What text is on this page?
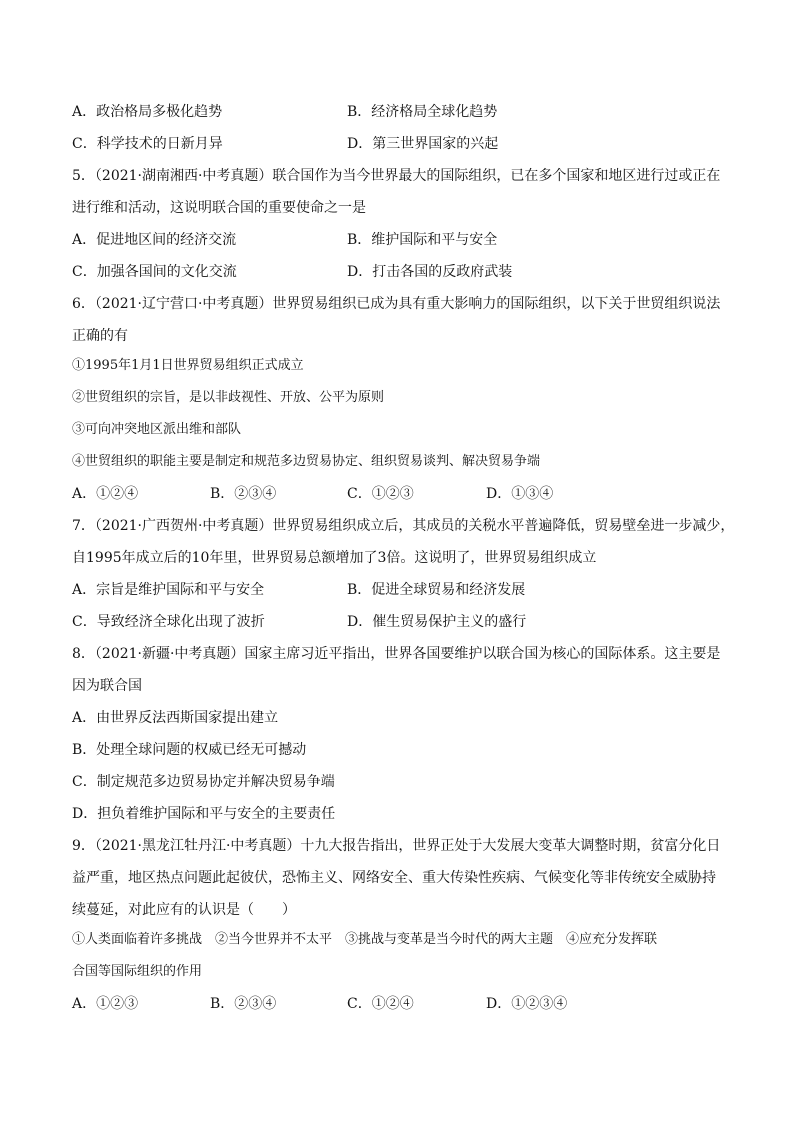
A．政治格局多极化趋势	B．经济格局全球化趋势
C．科学技术的日新月异	D．第三世界国家的兴起
5．（2021·湖南湘西·中考真题）联合国作为当今世界最大的国际组织，已在多个国家和地区进行过或正在
进行维和活动，这说明联合国的重要使命之一是
A．促进地区间的经济交流	B．维护国际和平与安全
C．加强各国间的文化交流	D．打击各国的反政府武装
6．（2021·辽宁营口·中考真题）世界贸易组织已成为具有重大影响力的国际组织，以下关于世贸组织说法
正确的有
①1995年1月1日世界贸易组织正式成立
②世贸组织的宗旨，是以非歧视性、开放、公平为原则
③可向冲突地区派出维和部队
④世贸组织的职能主要是制定和规范多边贸易协定、组织贸易谈判、解决贸易争端
A．①②④	B．②③④	C．①②③	D．①③④
7．（2021·广西贺州·中考真题）世界贸易组织成立后，其成员的关税水平普遍降低，贸易壁垒进一步减少，
自1995年成立后的10年里，世界贸易总额增加了3倍。这说明了，世界贸易组织成立
A．宗旨是维护国际和平与安全	B．促进全球贸易和经济发展
C．导致经济全球化出现了波折	D．催生贸易保护主义的盛行
8．（2021·新疆·中考真题）国家主席习近平指出，世界各国要维护以联合国为核心的国际体系。这主要是
因为联合国
A．由世界反法西斯国家提出建立
B．处理全球问题的权威已经无可撼动
C．制定规范多边贸易协定并解决贸易争端
D．担负着维护国际和平与安全的主要责任
9．（2021·黑龙江牡丹江·中考真题）十九大报告指出，世界正处于大发展大变革大调整时期，贫富分化日
益严重，地区热点问题此起彼伏，恐怖主义、网络安全、重大传染性疾病、气候变化等非传统安全威胁持
续蔓延，对此应有的认识是（　　）
①人类面临着许多挑战　②当今世界并不太平　③挑战与变革是当今时代的两大主题　④应充分发挥联
合国等国际组织的作用
A．①②③	B．②③④	C．①②④	D．①②③④
